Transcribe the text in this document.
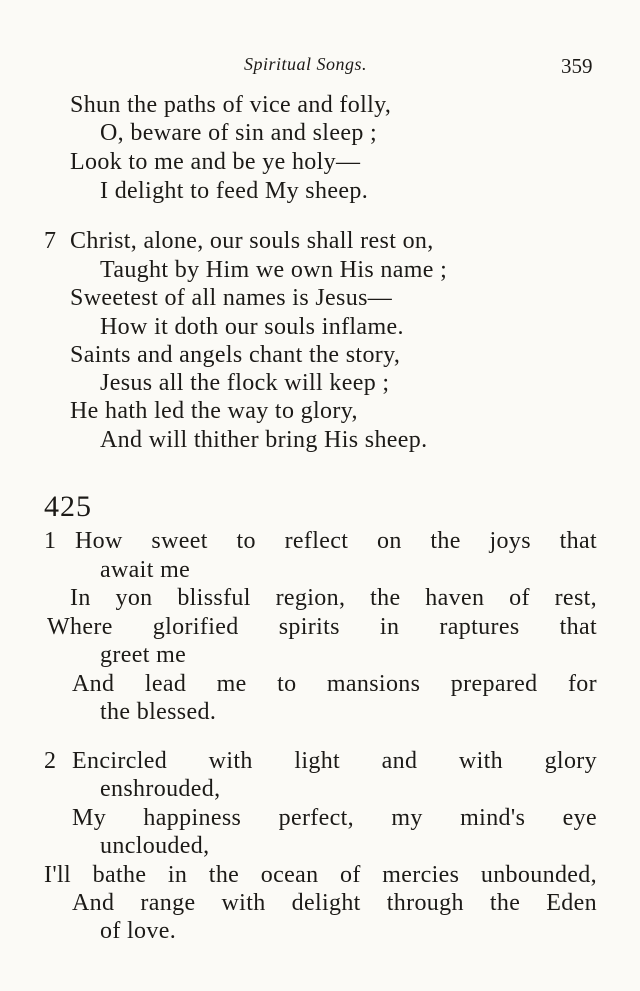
Spiritual Songs.	359
Shun the paths of vice and folly,
O, beware of sin and sleep ;
Look to me and be ye holy—
I delight to feed My sheep.
7 Christ, alone, our souls shall rest on,
Taught by Him we own His name ;
Sweetest of all names is Jesus—
How it doth our souls inflame.
Saints and angels chant the story,
Jesus all the flock will keep ;
He hath led the way to glory,
And will thither bring His sheep.
425
1 How sweet to reflect on the joys that
await me
In yon blissful region, the haven of rest,
Where glorified spirits in raptures that
greet me
And lead me to mansions prepared for
the blessed.
2 Encircled with light and with glory
enshrouded,
My happiness perfect, my mind's eye
unclouded,
I'll bathe in the ocean of mercies unbounded,
And range with delight through the Eden
of love.
